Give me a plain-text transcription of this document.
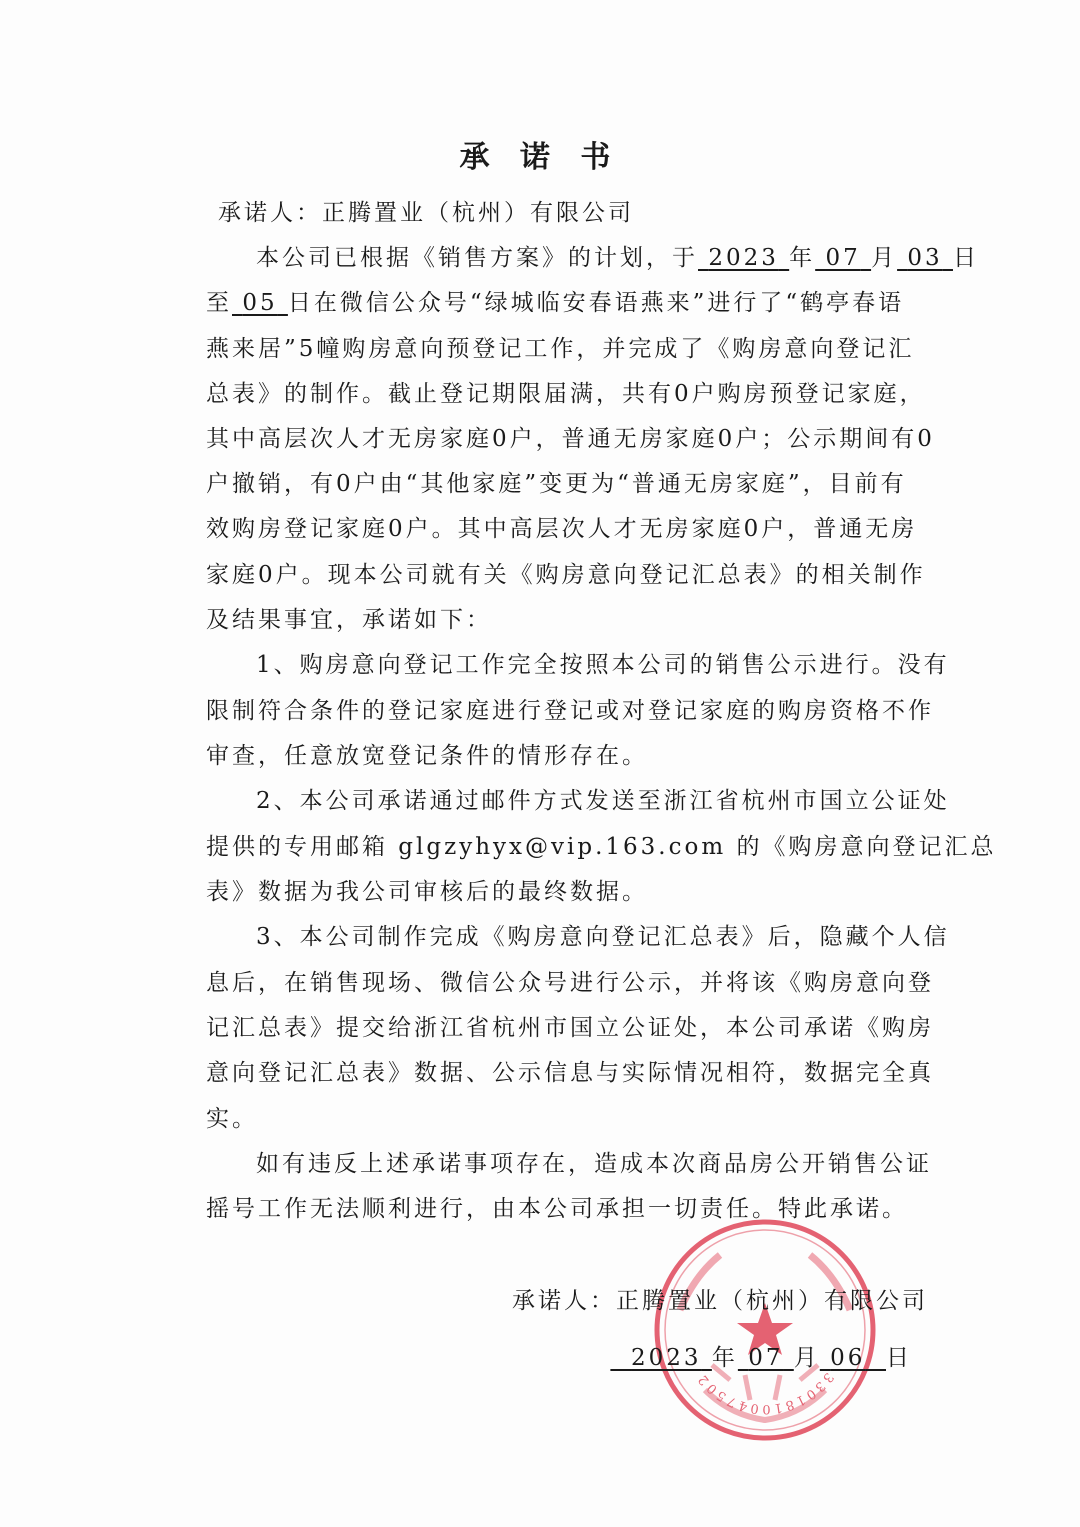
承 诺 书
承诺人：正腾置业（杭州）有限公司
本公司已根据《销售方案》的计划，于 2023 年 07 月 03 日
至 05 日在微信公众号“绿城临安春语燕来”进行了“鹤亭春语
燕来居”5幢购房意向预登记工作，并完成了《购房意向登记汇
总表》的制作。截止登记期限届满，共有0户购房预登记家庭，
其中高层次人才无房家庭0户，普通无房家庭0户；公示期间有0
户撤销，有0户由“其他家庭”变更为“普通无房家庭”，目前有
效购房登记家庭0户。其中高层次人才无房家庭0户，普通无房
家庭0户。现本公司就有关《购房意向登记汇总表》的相关制作
及结果事宜，承诺如下：
1、购房意向登记工作完全按照本公司的销售公示进行。没有
限制符合条件的登记家庭进行登记或对登记家庭的购房资格不作
审查，任意放宽登记条件的情形存在。
2、本公司承诺通过邮件方式发送至浙江省杭州市国立公证处
提供的专用邮箱 glgzyhyx@vip.163.com 的《购房意向登记汇总
表》数据为我公司审核后的最终数据。
3、本公司制作完成《购房意向登记汇总表》后，隐藏个人信
息后，在销售现场、微信公众号进行公示，并将该《购房意向登
记汇总表》提交给浙江省杭州市国立公证处，本公司承诺《购房
意向登记汇总表》数据、公示信息与实际情况相符，数据完全真
实。
如有违反上述承诺事项存在，造成本次商品房公开销售公证
摇号工作无法顺利进行，由本公司承担一切责任。特此承诺。
3301810047502
承诺人：正腾置业（杭州）有限公司
2023 年 07 月 06 日
